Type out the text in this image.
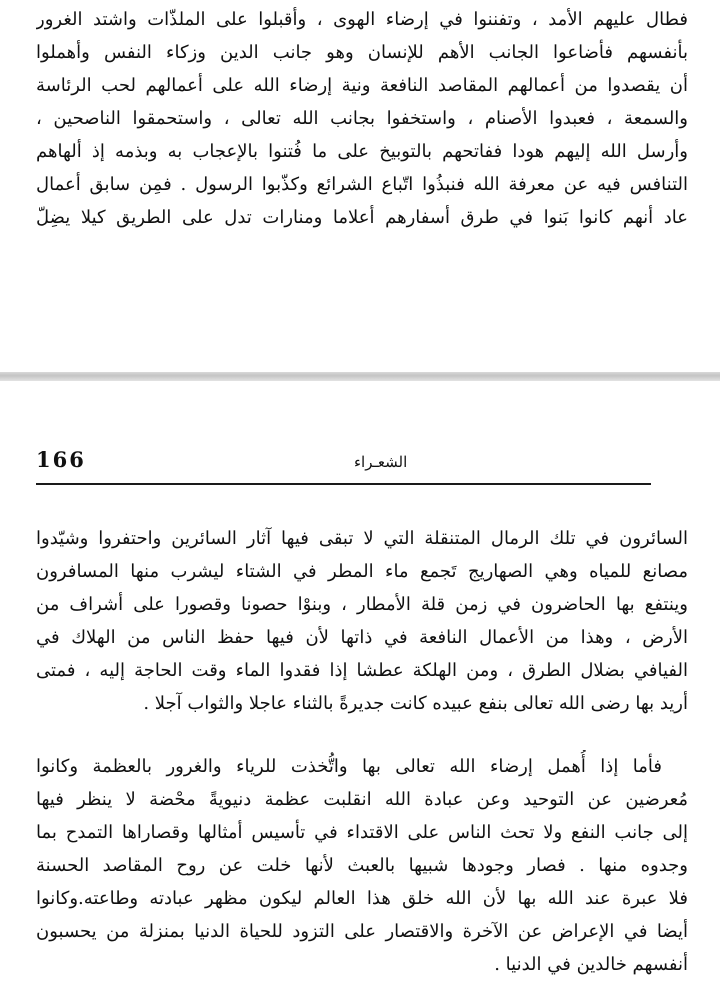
فطال عليهم الأمد ، وتفننوا في إرضاء الهوى ، وأقبلوا على الملذّات واشتد الغرور
بأنفسهم فأضاعوا الجانب الأهم للإنسان وهو جانب الدين وزكاء النفس وأهملوا
أن يقصدوا من أعمالهم المقاصد النافعة ونية إرضاء الله على أعمالهم لحب الرئاسة
والسمعة ، فعبدوا الأصنام ، واستخفوا بجانب الله تعالى ، واستحمقوا الناصحين ،
وأرسل الله إليهم هودا ففاتحهم بالتوبيخ على ما فُتنوا بالإعجاب به وبذمه إذ ألهاهم
التنافس فيه عن معرفة الله فنبذُوا اتّباع الشرائع وكذّبوا الرسول . فمِن سابق أعمال
عاد أنهم كانوا بَنوا في طرق أسفارهم أعلاما ومنارات تدل على الطريق كيلا يضِلّ
166	الشعـراء
السائرون في تلك الرمال المتنقلة التي لا تبقى فيها آثار السائرين واحتفروا وشيّدوا
مصانع للمياه وهي الصهاريج تَجمع ماء المطر في الشتاء ليشرب منها المسافرون
وينتفع بها الحاضرون في زمن قلة الأمطار ، وبنوْا حصونا وقصورا على أشراف من
الأرض ، وهذا من الأعمال النافعة في ذاتها لأن فيها حفظ الناس من الهلاك في
الفيافي بضلال الطرق ، ومن الهلكة عطشا إذا فقدوا الماء وقت الحاجة إليه ، فمتى
أريد بها رضى الله تعالى بنفع عبيده كانت جديرةً بالثناء عاجلا والثواب آجلا .
فأما إذا أُهمل إرضاء الله تعالى بها واتُّخذت للرياء والغرور بالعظمة وكانوا
مُعرضين عن التوحيد وعن عبادة الله انقلبت عظمة دنيويةً محْضة لا ينظر فيها
إلى جانب النفع ولا تحث الناس على الاقتداء في تأسيس أمثالها وقصاراها التمدح بما
وجدوه منها . فصار وجودها شبيها بالعبث لأنها خلت عن روح المقاصد الحسنة
فلا عبرة عند الله بها لأن الله خلق هذا العالم ليكون مظهر عبادته وطاعته.وكانوا
أيضا في الإعراض عن الآخرة والاقتصار على التزود للحياة الدنيا بمنزلة من يحسبون
أنفسهم خالدين في الدنيا .
